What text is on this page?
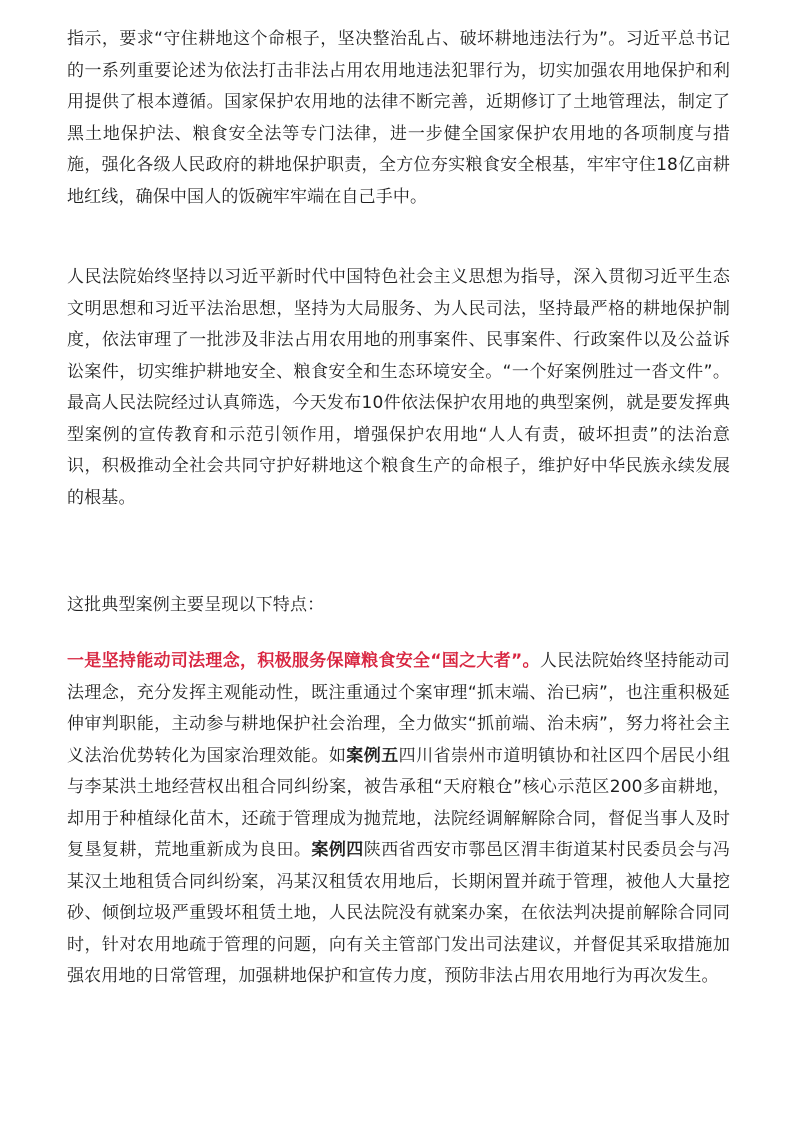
指示，要求“守住耕地这个命根子，坚决整治乱占、破坏耕地违法行为”。习近平总书记的一系列重要论述为依法打击非法占用农用地违法犯罪行为，切实加强农用地保护和利用提供了根本遵循。国家保护农用地的法律不断完善，近期修订了土地管理法，制定了黑土地保护法、粮食安全法等专门法律，进一步健全国家保护农用地的各项制度与措施，强化各级人民政府的耕地保护职责，全方位夯实粮食安全根基，牢牢守住18亿亩耕地红线，确保中国人的饭碗牢牢端在自己手中。

人民法院始终坚持以习近平新时代中国特色社会主义思想为指导，深入贯彻习近平生态文明思想和习近平法治思想，坚持为大局服务、为人民司法，坚持最严格的耕地保护制度，依法审理了一批涉及非法占用农用地的刑事案件、民事案件、行政案件以及公益诉讼案件，切实维护耕地安全、粮食安全和生态环境安全。“一个好案例胜过一沓文件”。最高人民法院经过认真筛选，今天发布10件依法保护农用地的典型案例，就是要发挥典型案例的宣传教育和示范引领作用，增强保护农用地“人人有责，破坏担责”的法治意识，积极推动全社会共同守护好耕地这个粮食生产的命根子，维护好中华民族永续发展的根基。

这批典型案例主要呈现以下特点：

一是坚持能动司法理念，积极服务保障粮食安全“国之大者”。人民法院始终坚持能动司法理念，充分发挥主观能动性，既注重通过个案审理“抓末端、治已病”，也注重积极延伸审判职能，主动参与耕地保护社会治理，全力做实“抓前端、治未病”，努力将社会主义法治优势转化为国家治理效能。如案例五四川省崇州市道明镇协和社区四个居民小组与李某洪土地经营权出租合同纠纷案，被告承租“天府粮仓”核心示范区200多亩耕地，却用于种植绿化苗木，还疏于管理成为抛荒地，法院经调解解除合同，督促当事人及时复垦复耕，荒地重新成为良田。案例四陕西省西安市鄠邑区渭丰街道某村民委员会与冯某汉土地租赁合同纠纷案，冯某汉租赁农用地后，长期闲置并疏于管理，被他人大量挖砂、倾倒垃圾严重毁坏租赁土地，人民法院没有就案办案，在依法判决提前解除合同同时，针对农用地疏于管理的问题，向有关主管部门发出司法建议，并督促其采取措施加强农用地的日常管理，加强耕地保护和宣传力度，预防非法占用农用地行为再次发生。
